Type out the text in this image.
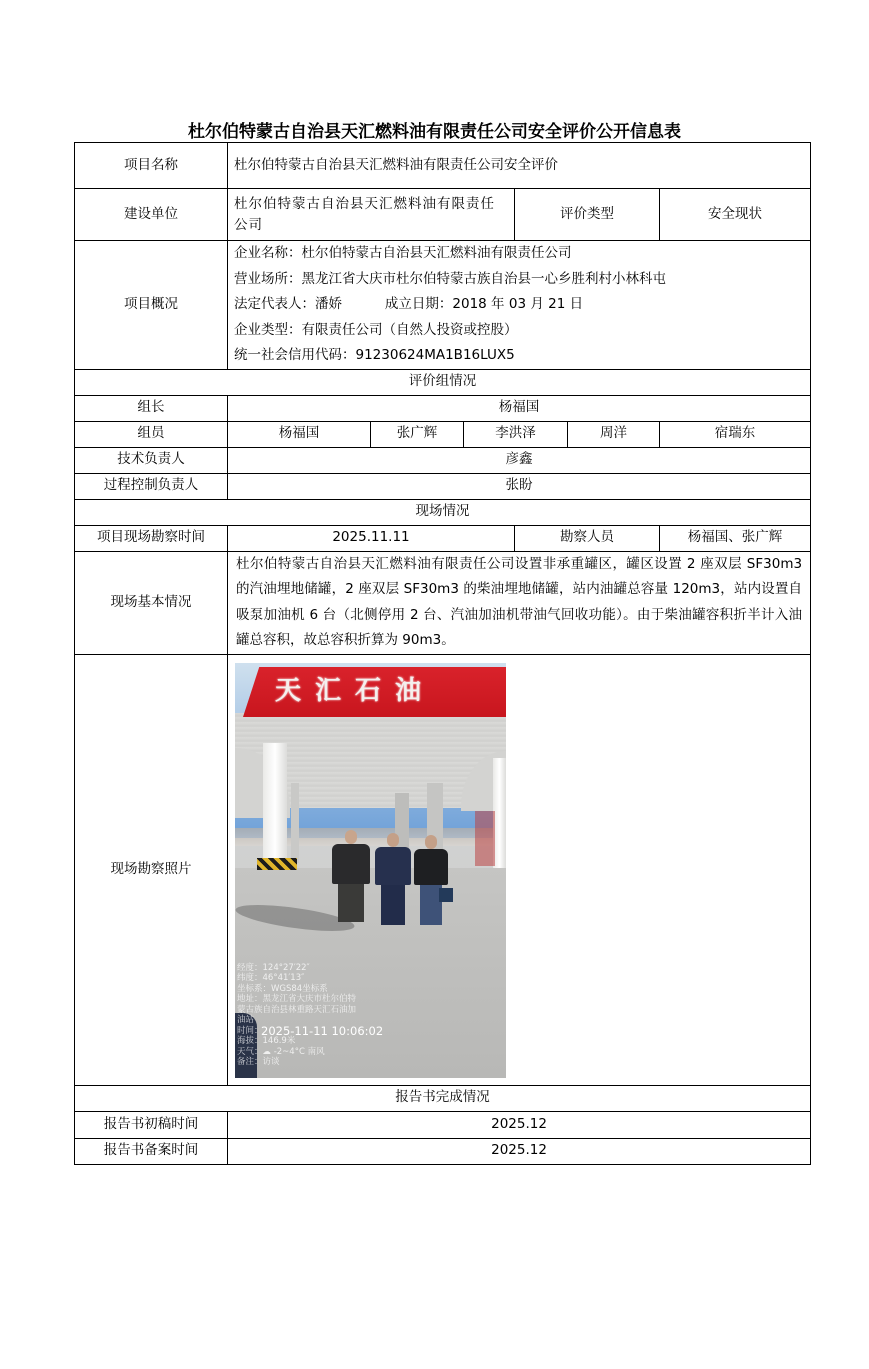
杜尔伯特蒙古自治县天汇燃料油有限责任公司安全评价公开信息表
项目名称	杜尔伯特蒙古自治县天汇燃料油有限责任公司安全评价					
建设单位	杜尔伯特蒙古自治县天汇燃料油有限责任公司			评价类型		安全现状
项目概况	企业名称：杜尔伯特蒙古自治县天汇燃料油有限责任公司
营业场所：黑龙江省大庆市杜尔伯特蒙古族自治县一心乡胜利村小林科屯
法定代表人：潘娇          成立日期：2018 年 03 月 21 日
企业类型：有限责任公司（自然人投资或控股）
统一社会信用代码：91230624MA1B16LUX5					

评价组情况						
组长	杨福国					
组员	杨福国	张广辉	李洪泽		周洋	宿瑞东
技术负责人	彦鑫					
过程控制负责人	张盼					
现场情况						
项目现场勘察时间	2025.11.11			勘察人员		杨福国、张广辉
现场基本情况	杜尔伯特蒙古自治县天汇燃料油有限责任公司设置非承重罐区，罐区设置 2 座双层 SF30m3 的汽油埋地储罐，2 座双层 SF30m3 的柴油埋地储罐，站内油罐总容量 120m3，站内设置自吸泵加油机 6 台（北侧停用 2 台、汽油加油机带油气回收功能）。由于柴油罐容积折半计入油罐总容积，故总容积折算为 90m3。					

现场勘察照片	
天汇石油
经度：124°27′22″
纬度：46°41′13″
坐标系：WGS84坐标系
地址：黑龙江省大庆市杜尔伯特
蒙古族自治县林重路天汇石油加
油站
时间：
海拔：146.9米
天气：☁ -2~4°C 南风
备注：访谈
2025-11-11 10:06:02

报告书完成情况						
报告书初稿时间	2025.12					
报告书备案时间	2025.12					
